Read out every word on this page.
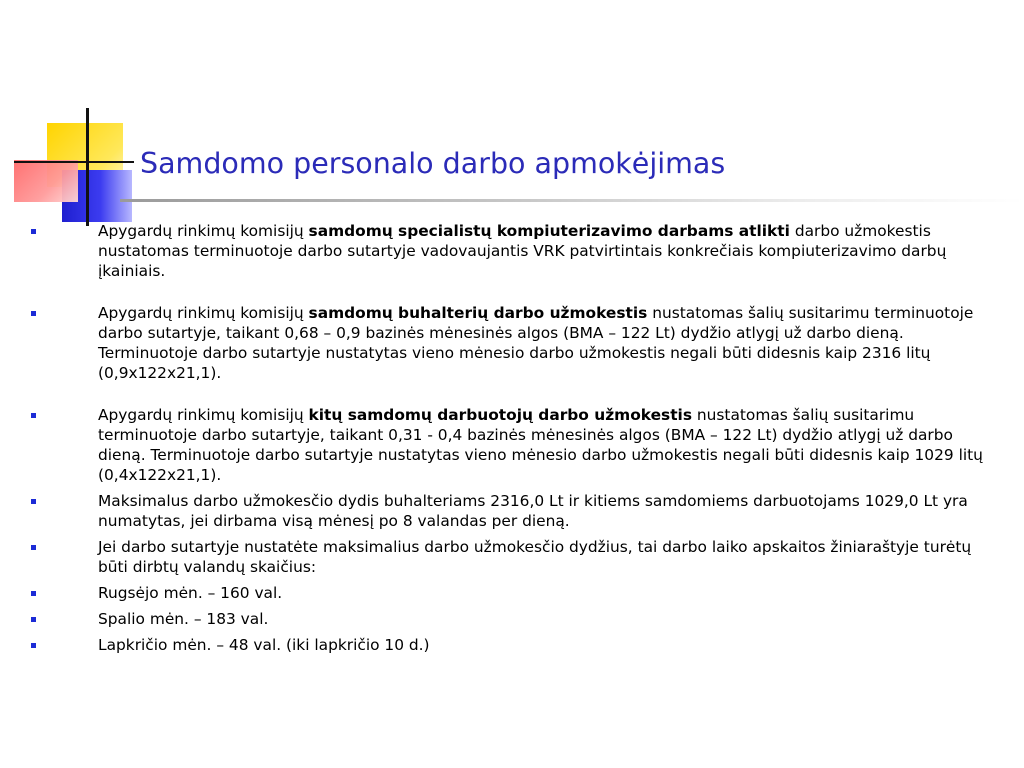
Samdomo personalo darbo apmokėjimas

Apygardų rinkimų komisijų samdomų specialistų kompiuterizavimo darbams atlikti darbo užmokestis nustatomas terminuotoje darbo sutartyje vadovaujantis VRK patvirtintais konkrečiais kompiuterizavimo darbų įkainiais.

Apygardų rinkimų komisijų samdomų buhalterių darbo užmokestis nustatomas šalių susitarimu terminuotoje darbo sutartyje, taikant 0,68 – 0,9 bazinės mėnesinės algos (BMA – 122 Lt) dydžio atlygį už darbo dieną. Terminuotoje darbo sutartyje nustatytas vieno mėnesio darbo užmokestis negali būti didesnis kaip 2316 litų (0,9x122x21,1).

Apygardų rinkimų komisijų kitų samdomų darbuotojų darbo užmokestis nustatomas šalių susitarimu terminuotoje darbo sutartyje, taikant 0,31 - 0,4 bazinės mėnesinės algos (BMA – 122 Lt) dydžio atlygį už darbo dieną. Terminuotoje darbo sutartyje nustatytas vieno mėnesio darbo užmokestis negali būti didesnis kaip 1029 litų (0,4x122x21,1).

Maksimalus darbo užmokesčio dydis buhalteriams 2316,0 Lt ir kitiems samdomiems darbuotojams 1029,0 Lt yra numatytas, jei dirbama visą mėnesį po 8 valandas per dieną.

Jei darbo sutartyje nustatėte maksimalius darbo užmokesčio dydžius, tai darbo laiko apskaitos žiniaraštyje turėtų būti dirbtų valandų skaičius:

Rugsėjo mėn. – 160 val.

Spalio mėn. – 183 val.

Lapkričio mėn. – 48 val. (iki lapkričio 10 d.)
